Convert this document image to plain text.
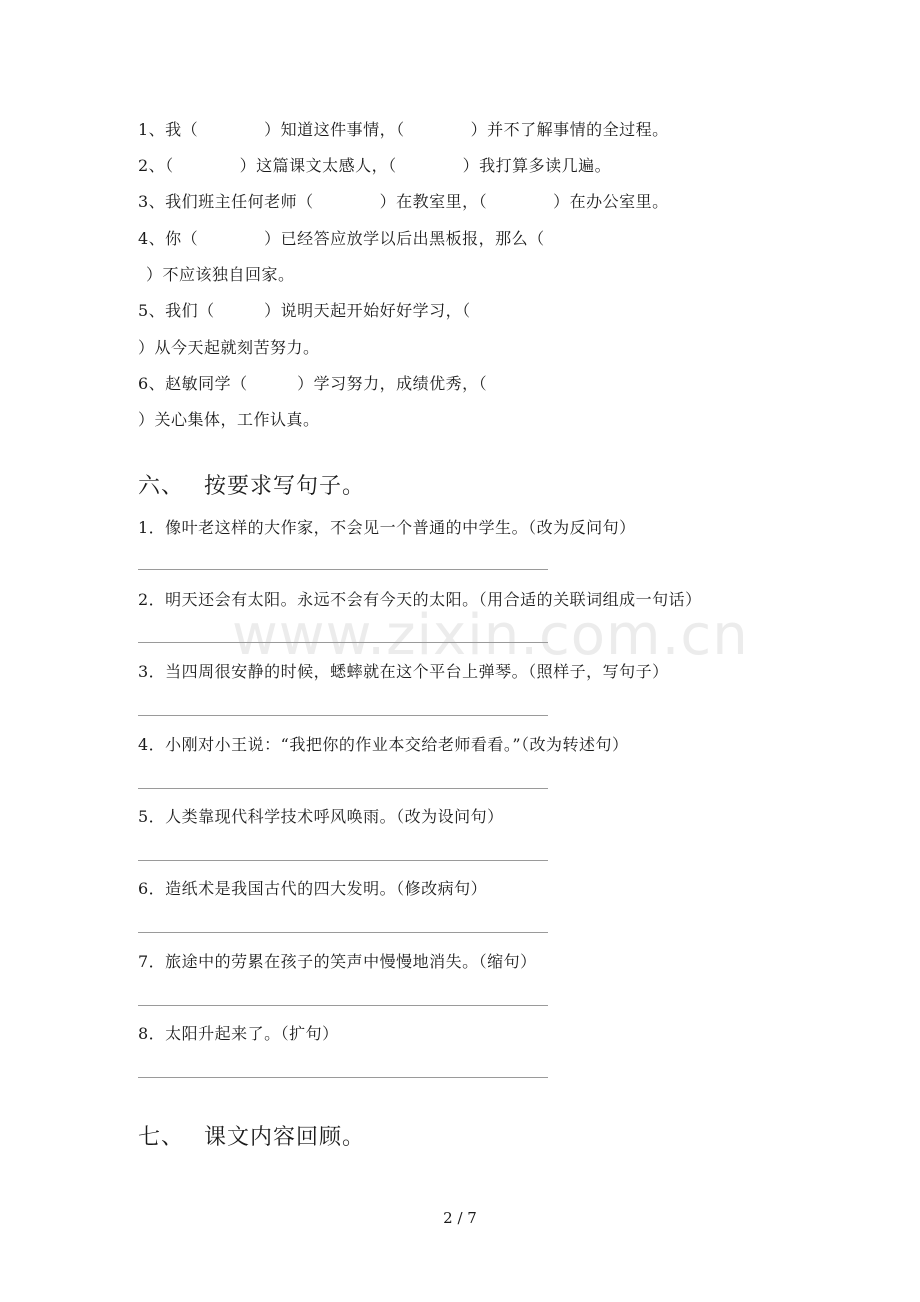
www.zixin.com.cn
1、我（　　　　）知道这件事情，（　　　　）并不了解事情的全过程。
2、（　　　　）这篇课文太感人，（　　　　）我打算多读几遍。
3、我们班主任何老师（　　　　）在教室里，（　　　　）在办公室里。
4、你（　　　　）已经答应放学以后出黑板报，那么（
）不应该独自回家。
5、我们（　　　）说明天起开始好好学习，（
）从今天起就刻苦努力。
6、赵敏同学（　　　）学习努力，成绩优秀，（
）关心集体，工作认真。
六、　 按要求写句子。
1．像叶老这样的大作家，不会见一个普通的中学生。（改为反问句）
2．明天还会有太阳。永远不会有今天的太阳。（用合适的关联词组成一句话）
3．当四周很安静的时候，蟋蟀就在这个平台上弹琴。（照样子，写句子）
4．小刚对小王说：“我把你的作业本交给老师看看。”（改为转述句）
5．人类靠现代科学技术呼风唤雨。（改为设问句）
6．造纸术是我国古代的四大发明。（修改病句）
7．旅途中的劳累在孩子的笑声中慢慢地消失。（缩句）
8．太阳升起来了。（扩句）
七、　 课文内容回顾。
2 / 7
